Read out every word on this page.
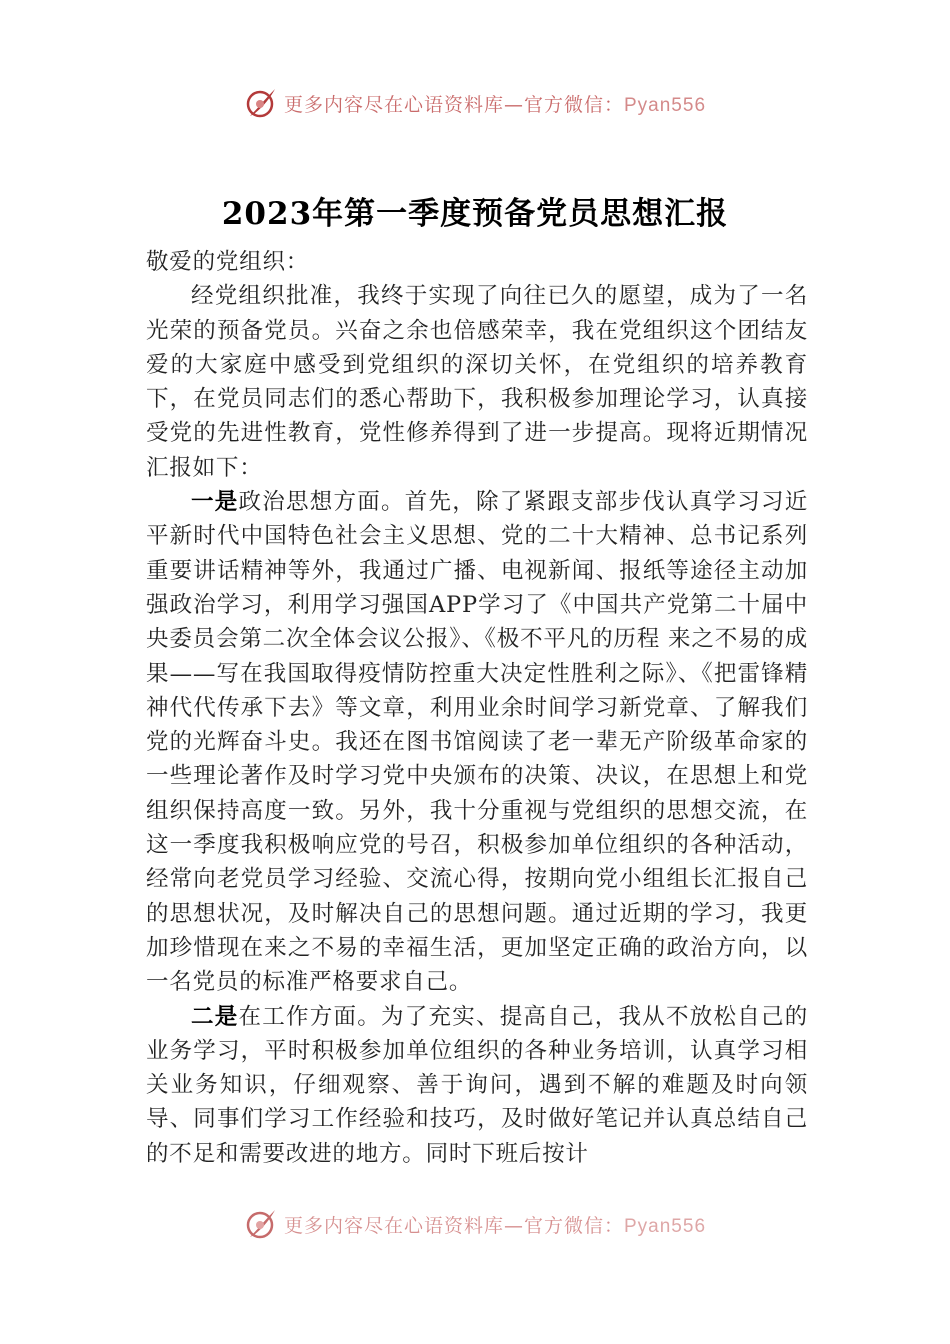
更多内容尽在心语资料库—官方微信：Pyan556
2023年第一季度预备党员思想汇报

敬爱的党组织：

经党组织批准，我终于实现了向往已久的愿望，成为了一名光荣的预备党员。兴奋之余也倍感荣幸，我在党组织这个团结友爱的大家庭中感受到党组织的深切关怀，在党组织的培养教育下，在党员同志们的悉心帮助下，我积极参加理论学习，认真接受党的先进性教育，党性修养得到了进一步提高。现将近期情况汇报如下：

一是政治思想方面。首先，除了紧跟支部步伐认真学习习近平新时代中国特色社会主义思想、党的二十大精神、总书记系列重要讲话精神等外，我通过广播、电视新闻、报纸等途径主动加强政治学习，利用学习强国APP学习了《中国共产党第二十届中央委员会第二次全体会议公报》、《极不平凡的历程 来之不易的成果——写在我国取得疫情防控重大决定性胜利之际》、《把雷锋精神代代传承下去》等文章，利用业余时间学习新党章、了解我们党的光辉奋斗史。我还在图书馆阅读了老一辈无产阶级革命家的一些理论著作及时学习党中央颁布的决策、决议，在思想上和党组织保持高度一致。另外，我十分重视与党组织的思想交流，在这一季度我积极响应党的号召，积极参加单位组织的各种活动，经常向老党员学习经验、交流心得，按期向党小组组长汇报自己的思想状况，及时解决自己的思想问题。通过近期的学习，我更加珍惜现在来之不易的幸福生活，更加坚定正确的政治方向，以一名党员的标准严格要求自己。

二是在工作方面。为了充实、提高自己，我从不放松自己的业务学习，平时积极参加单位组织的各种业务培训，认真学习相关业务知识，仔细观察、善于询问，遇到不解的难题及时向领导、同事们学习工作经验和技巧，及时做好笔记并认真总结自己的不足和需要改进的地方。同时下班后按计

更多内容尽在心语资料库—官方微信：Pyan556
